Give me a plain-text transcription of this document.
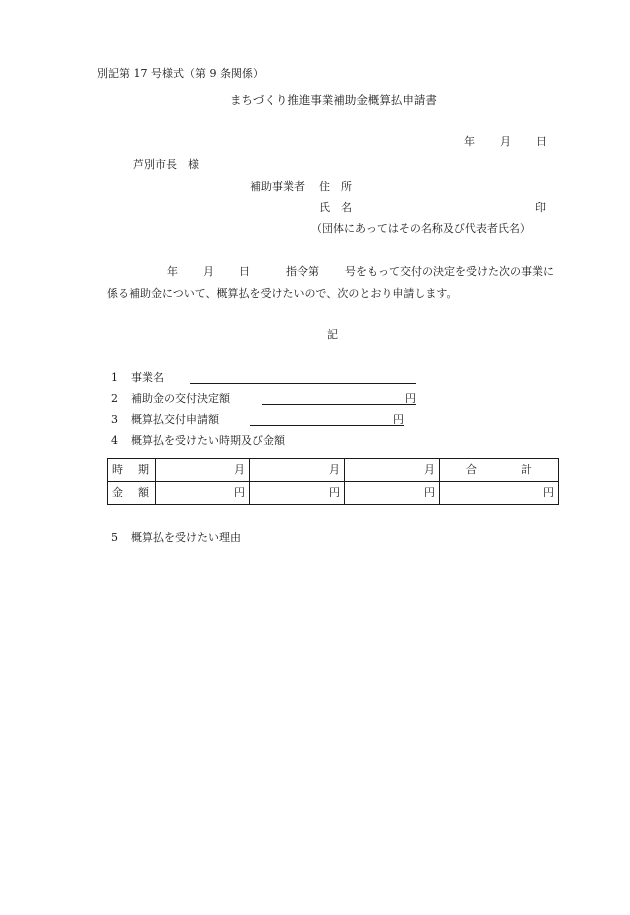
別記第 17 号様式（第 9 条関係）
まちづくり推進事業補助金概算払申請書
年 月 日
芦別市長　様
補助事業者 住　所
氏　名	印
（団体にあってはその名称及び代表者氏名）
年 月 日	指令第 号をもって交付の決定を受けた次の事業に
係る補助金について、概算払を受けたいので、次のとおり申請します。
記
1 事業名
2 補助金の交付決定額	円
3 概算払交付申請額	円
4 概算払を受けたい時期及び金額
時　期	月	月	月	合　　　　計
金　額	円	円	円	円
5 概算払を受けたい理由
